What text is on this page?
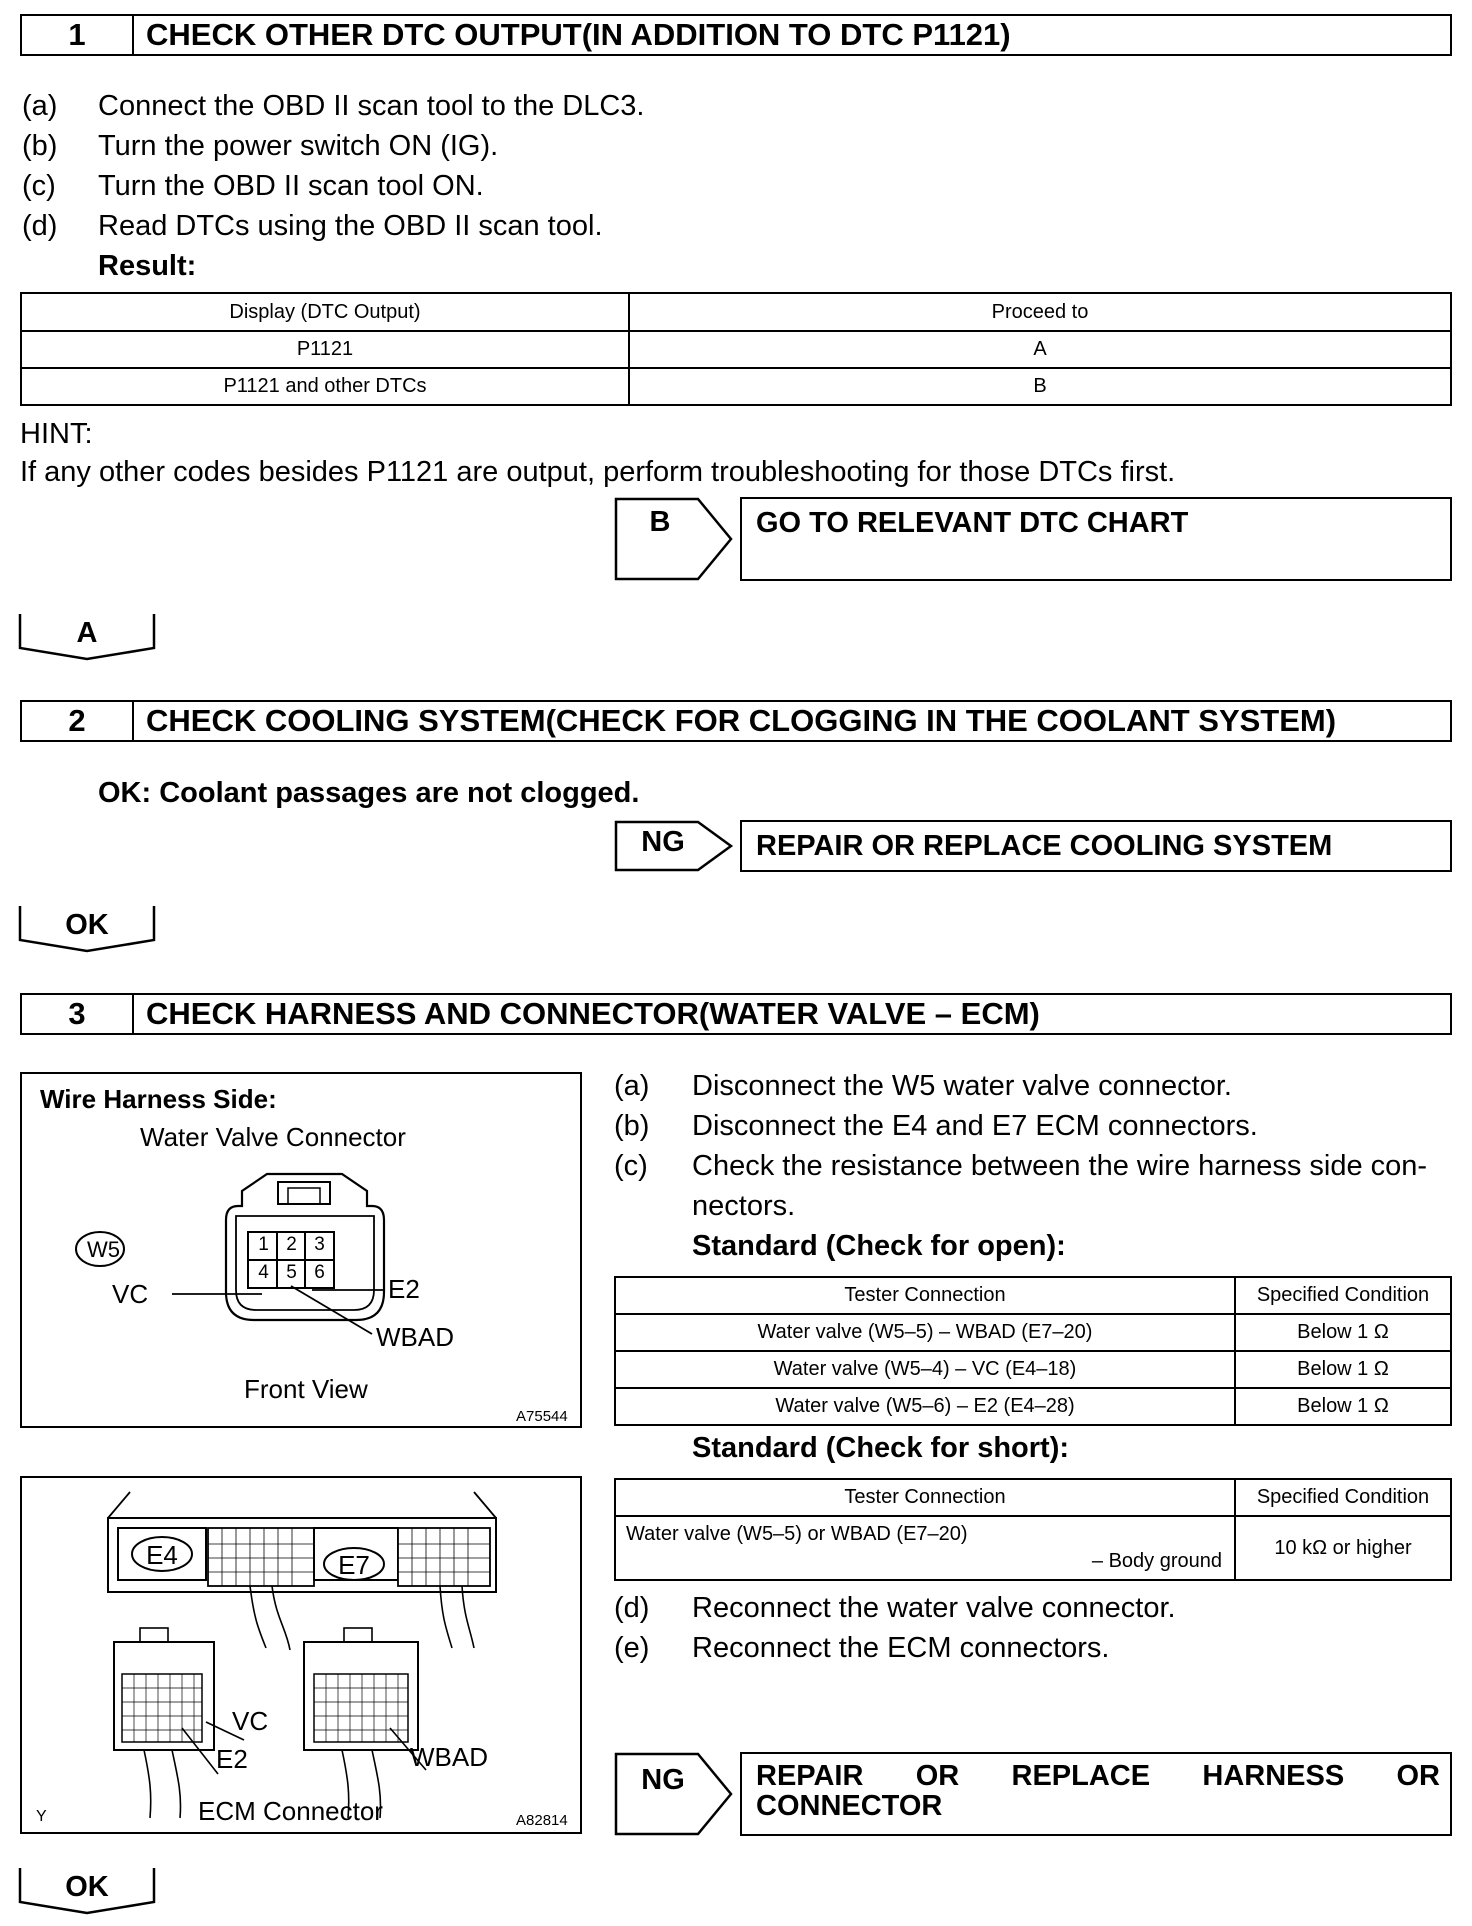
1	CHECK OTHER DTC OUTPUT(IN ADDITION TO DTC P1121)
(a) Connect the OBD II scan tool to the DLC3.
(b) Turn the power switch ON (IG).
(c) Turn the OBD II scan tool ON.
(d) Read DTCs using the OBD II scan tool.
Result:
Display (DTC Output)	Proceed to
P1121	A
P1121 and other DTCs	B
HINT:
If any other codes besides P1121 are output, perform troubleshooting for those DTCs first.
B	GO TO RELEVANT DTC CHART
A
2	CHECK COOLING SYSTEM(CHECK FOR CLOGGING IN THE COOLANT SYSTEM)
OK: Coolant passages are not clogged.
NG	REPAIR OR REPLACE COOLING SYSTEM
OK
3	CHECK HARNESS AND CONNECTOR(WATER VALVE – ECM)
Wire Harness Side:
Water Valve Connector
W5	1 2 3
4 5 6
VC	E2
WBAD
Front View
A75544
E4	E7
VC
E2	WBAD
Y	ECM Connector	A82814
(a) Disconnect the W5 water valve connector.
(b) Disconnect the E4 and E7 ECM connectors.
(c) Check the resistance between the wire harness side con-
nectors.
Standard (Check for open):
Tester Connection	Specified Condition
Water valve (W5–5) – WBAD (E7–20)	Below 1 Ω
Water valve (W5–4) – VC (E4–18)	Below 1 Ω
Water valve (W5–6) – E2 (E4–28)	Below 1 Ω
Standard (Check for short):
Tester Connection	Specified Condition

Water valve (W5–5) or WBAD (E7–20)
– Body ground	10 kΩ or higher
(d) Reconnect the water valve connector.
(e) Reconnect the ECM connectors.
NG	REPAIR OR REPLACE HARNESS OR
CONNECTOR
OK
